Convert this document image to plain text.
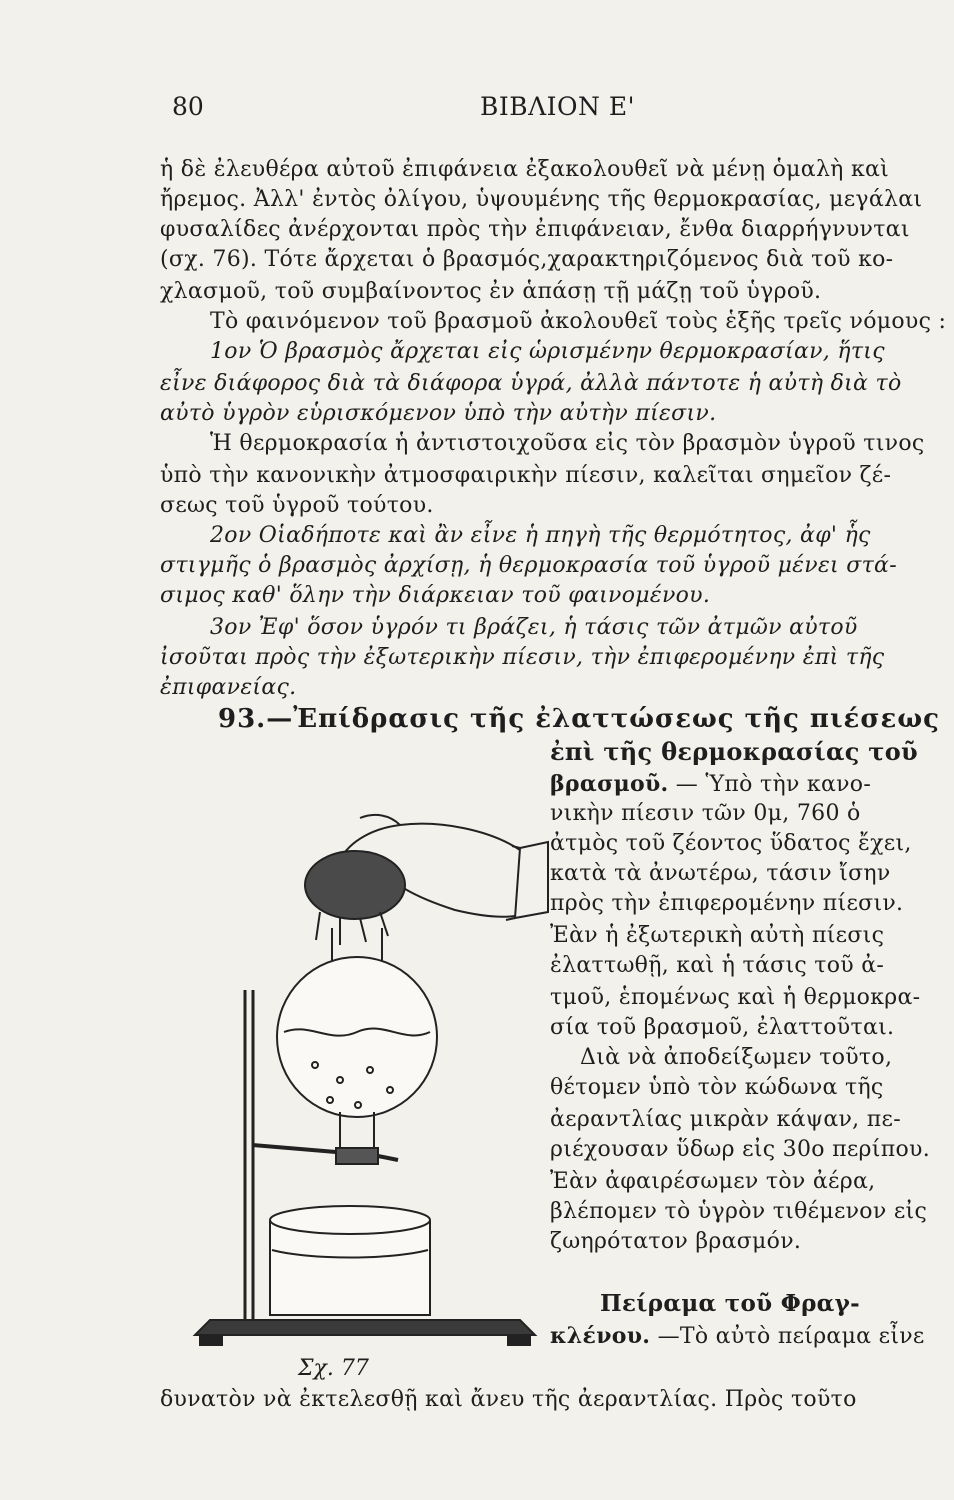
80	ΒΙΒΛΙΟΝ Ε'
ἡ δὲ ἐλευθέρα αὐτοῦ ἐπιφάνεια ἐξακολουθεῖ νὰ μένῃ ὁμαλὴ καὶ
ἤρεμος. Ἀλλ' ἐντὸς ὀλίγου, ὑψουμένης τῆς θερμοκρασίας, μεγάλαι
φυσαλίδες ἀνέρχονται πρὸς τὴν ἐπιφάνειαν, ἔνθα διαρρήγνυνται
(σχ. 76). Τότε ἄρχεται ὁ βρασμός,χαρακτηριζόμενος διὰ τοῦ κο-
χλασμοῦ, τοῦ συμβαίνοντος ἐν ἁπάσῃ τῇ μάζῃ τοῦ ὑγροῦ.
Τὸ φαινόμενον τοῦ βρασμοῦ ἀκολουθεῖ τοὺς ἑξῆς τρεῖς νόμους :
1ον Ὁ βρασμὸς ἄρχεται εἰς ὡρισμένην θερμοκρασίαν, ἥτις
εἶνε διάφορος διὰ τὰ διάφορα ὑγρά, ἀλλὰ πάντοτε ἡ αὐτὴ διὰ τὸ
αὐτὸ ὑγρὸν εὑρισκόμενον ὑπὸ τὴν αὐτὴν πίεσιν.
Ἡ θερμοκρασία ἡ ἀντιστοιχοῦσα εἰς τὸν βρασμὸν ὑγροῦ τινος
ὑπὸ τὴν κανονικὴν ἀτμοσφαιρικὴν πίεσιν, καλεῖται σημεῖον ζέ-
σεως τοῦ ὑγροῦ τούτου.
2ον Οἱαδήποτε καὶ ἂν εἶνε ἡ πηγὴ τῆς θερμότητος, ἀφ' ἧς
στιγμῆς ὁ βρασμὸς ἀρχίσῃ, ἡ θερμοκρασία τοῦ ὑγροῦ μένει στά-
σιμος καθ' ὅλην τὴν διάρκειαν τοῦ φαινομένου.
3ον Ἐφ' ὅσον ὑγρόν τι βράζει, ἡ τάσις τῶν ἀτμῶν αὐτοῦ
ἰσοῦται πρὸς τὴν ἐξωτερικὴν πίεσιν, τὴν ἐπιφερομένην ἐπὶ τῆς
ἐπιφανείας.
93.—Ἐπίδρασις τῆς ἐλαττώσεως τῆς πιέσεως
ἐπὶ τῆς θερμοκρασίας τοῦ
βρασμοῦ. — Ὑπὸ τὴν κανο-
νικὴν πίεσιν τῶν 0μ, 760 ὁ
ἀτμὸς τοῦ ζέοντος ὕδατος ἔχει,
κατὰ τὰ ἀνωτέρω, τάσιν ἴσην
πρὸς τὴν ἐπιφερομένην πίεσιν.
Ἐὰν ἡ ἐξωτερικὴ αὐτὴ πίεσις
ἐλαττωθῇ, καὶ ἡ τάσις τοῦ ἀ-
τμοῦ, ἑπομένως καὶ ἡ θερμοκρα-
σία τοῦ βρασμοῦ, ἐλαττοῦται.
Διὰ νὰ ἀποδείξωμεν τοῦτο,
θέτομεν ὑπὸ τὸν κώδωνα τῆς
ἀεραντλίας μικρὰν κάψαν, πε-
ριέχουσαν ὕδωρ εἰς 30ο περίπου.
Ἐὰν ἀφαιρέσωμεν τὸν ἀέρα,
βλέπομεν τὸ ὑγρὸν τιθέμενον εἰς
ζωηρότατον βρασμόν.
Πείραμα τοῦ Φραγ-
κλένου. —Τὸ αὐτὸ πείραμα εἶνε
δυνατὸν νὰ ἐκτελεσθῇ καὶ ἄνευ τῆς ἀεραντλίας. Πρὸς τοῦτο
Σχ. 77
